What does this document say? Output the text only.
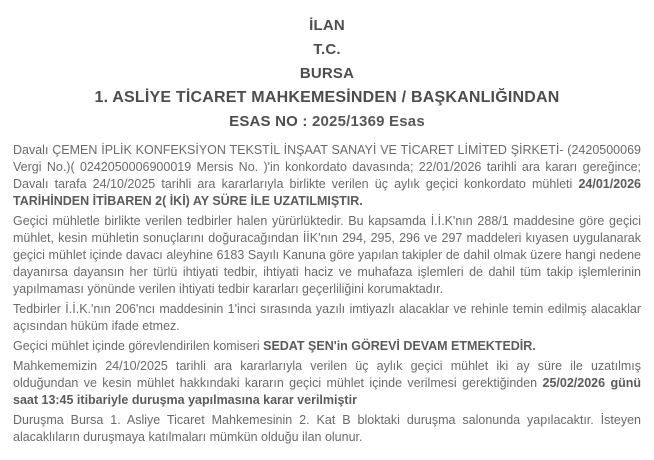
İLAN
T.C.
BURSA
1. ASLİYE TİCARET MAHKEMESİNDEN / BAŞKANLIĞINDAN
ESAS NO : 2025/1369 Esas

Davalı ÇEMEN İPLİK KONFEKSİYON TEKSTİL İNŞAAT SANAYİ VE TİCARET LİMİTED ŞİRKETİ- (2420500069 Vergi No.)( 0242050006900019 Mersis No. )'in konkordato davasında; 22/01/2026 tarihli ara kararı gereğince; Davalı tarafa 24/10/2025 tarihli ara kararlarıyla birlikte verilen üç aylık geçici konkordato mühleti 24/01/2026 TARİHİNDEN İTİBAREN 2( İKİ) AY SÜRE İLE UZATILMIŞTIR.

Geçici mühletle birlikte verilen tedbirler halen yürürlüktedir. Bu kapsamda İ.İ.K'nın 288/1 maddesine göre geçici mühlet, kesin mühletin sonuçlarını doğuracağından İİK'nın 294, 295, 296 ve 297 maddeleri kıyasen uygulanarak geçici mühlet içinde davacı aleyhine 6183 Sayılı Kanuna göre yapılan takipler de dahil olmak üzere hangi nedene dayanırsa dayansın her türlü ihtiyati tedbir, ihtiyati haciz ve muhafaza işlemleri de dahil tüm takip işlemlerinin yapılmaması yönünde verilen ihtiyati tedbir kararları geçerliliğini korumaktadır.

Tedbirler İ.İ.K.'nın 206'ncı maddesinin 1'inci sırasında yazılı imtiyazlı alacaklar ve rehinle temin edilmiş alacaklar açısından hüküm ifade etmez.

Geçici mühlet içinde görevlendirilen komiseri SEDAT ŞEN'in GÖREVİ DEVAM ETMEKTEDİR.

Mahkememizin 24/10/2025 tarihli ara kararlarıyla verilen üç aylık geçici mühlet iki ay süre ile uzatılmış olduğundan ve kesin mühlet hakkındaki kararın geçici mühlet içinde verilmesi gerektiğinden 25/02/2026 günü saat 13:45 itibariyle duruşma yapılmasına karar verilmiştir

Duruşma Bursa 1. Asliye Ticaret Mahkemesinin 2. Kat B bloktaki duruşma salonunda yapılacaktır. İsteyen alacaklıların duruşmaya katılmaları mümkün olduğu ilan olunur.
